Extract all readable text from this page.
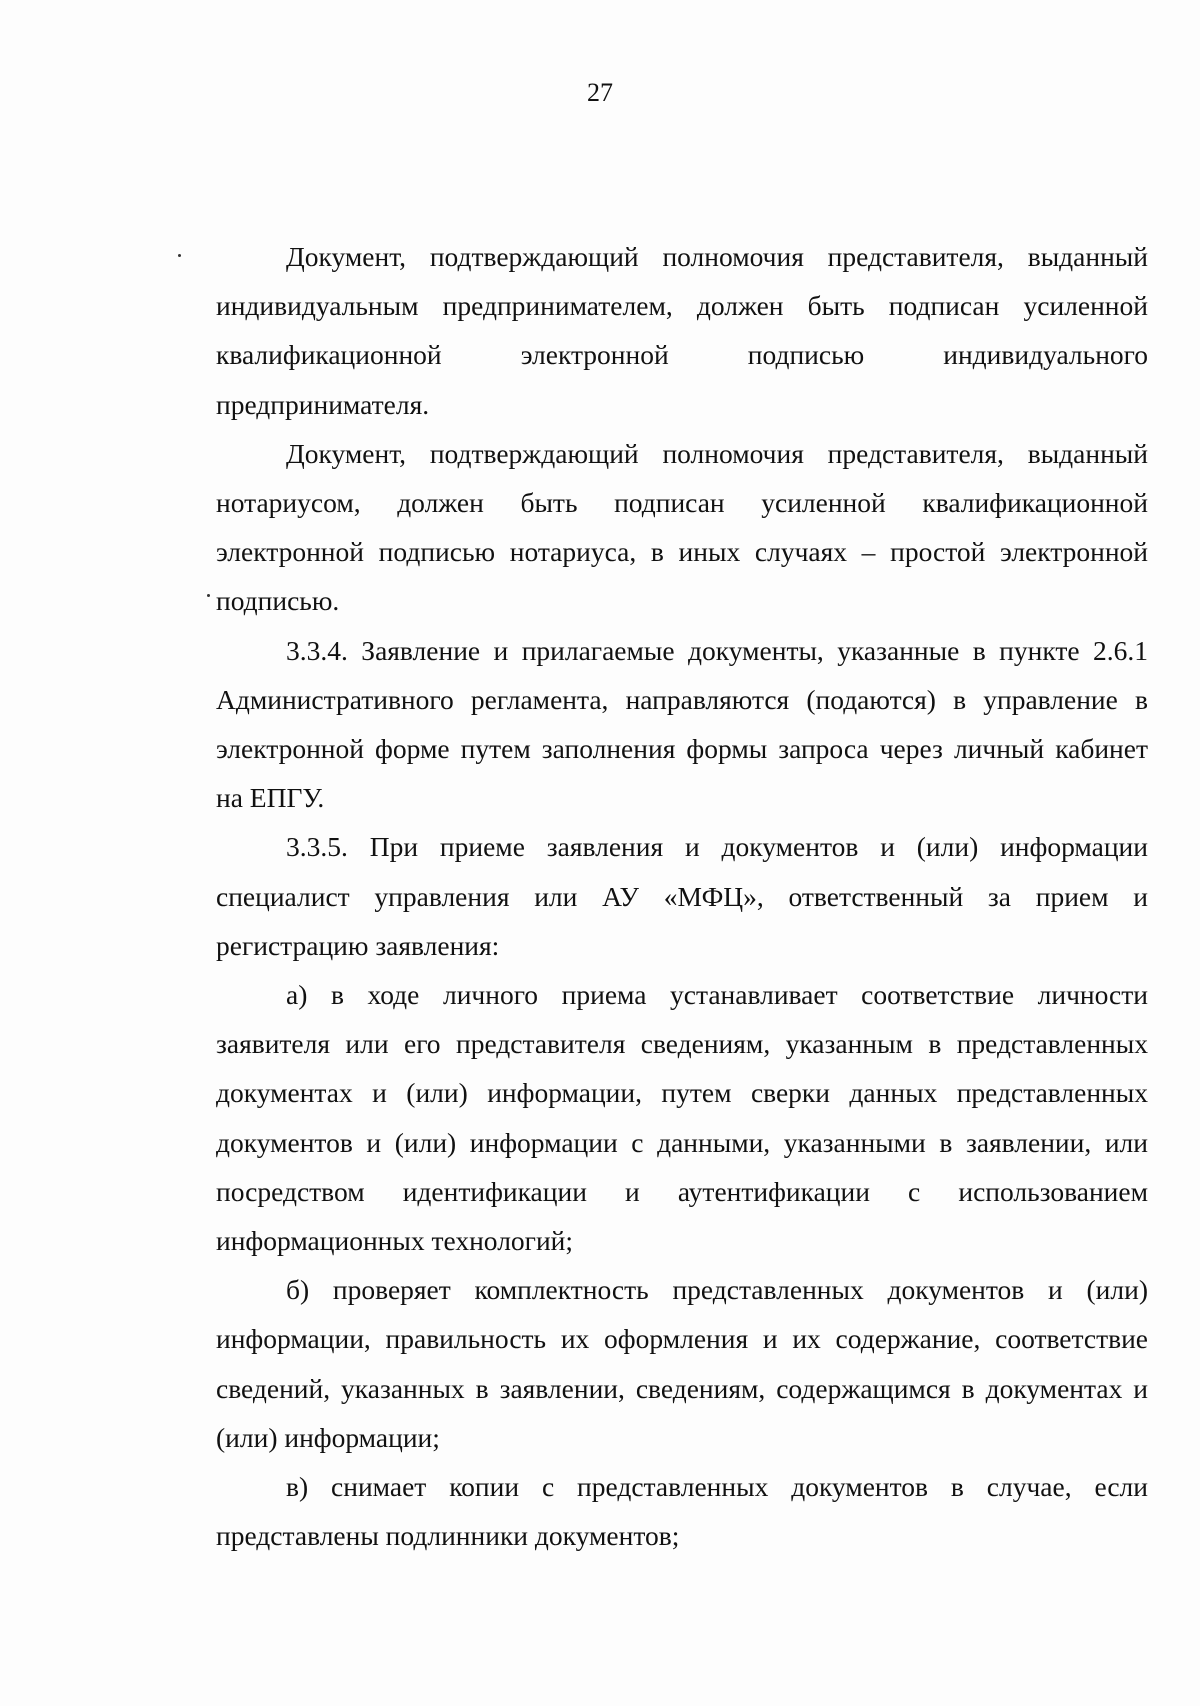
27

Документ, подтверждающий полномочия представителя, выданный индивидуальным предпринимателем, должен быть подписан усиленной квалификационной электронной подписью индивидуального предпринимателя.

Документ, подтверждающий полномочия представителя, выданный нотариусом, должен быть подписан усиленной квалификационной электронной подписью нотариуса, в иных случаях – простой электронной подписью.

3.3.4. Заявление и прилагаемые документы, указанные в пункте 2.6.1 Административного регламента, направляются (подаются) в управление в электронной форме путем заполнения формы запроса через личный кабинет на ЕПГУ.

3.3.5. При приеме заявления и документов и (или) информации специалист управления или АУ «МФЦ», ответственный за прием и регистрацию заявления:

а) в ходе личного приема устанавливает соответствие личности заявителя или его представителя сведениям, указанным в представленных документах и (или) информации, путем сверки данных представленных документов и (или) информации с данными, указанными в заявлении, или посредством идентификации и аутентификации с использованием информационных технологий;

б) проверяет комплектность представленных документов и (или) информации, правильность их оформления и их содержание, соответствие сведений, указанных в заявлении, сведениям, содержащимся в документах и (или) информации;

в) снимает копии с представленных документов в случае, если представлены подлинники документов;
